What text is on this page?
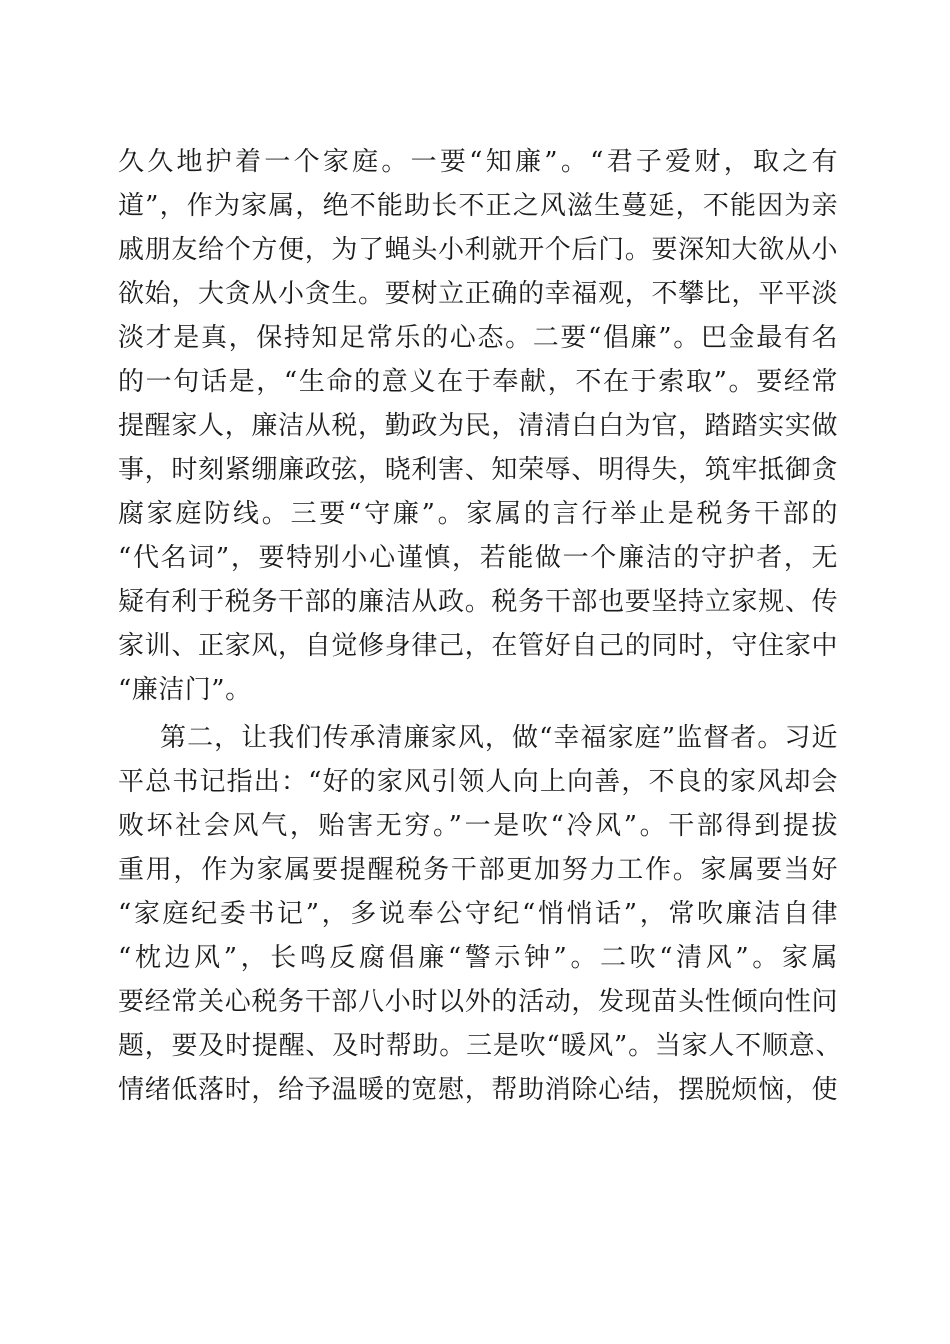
久久地护着一个家庭。一要“知廉”。“君子爱财，取之有
道”，作为家属，绝不能助长不正之风滋生蔓延，不能因为亲
戚朋友给个方便，为了蝇头小利就开个后门。要深知大欲从小
欲始，大贪从小贪生。要树立正确的幸福观，不攀比，平平淡
淡才是真，保持知足常乐的心态。二要“倡廉”。巴金最有名
的一句话是，“生命的意义在于奉献，不在于索取”。要经常
提醒家人，廉洁从税，勤政为民，清清白白为官，踏踏实实做
事，时刻紧绷廉政弦，晓利害、知荣辱、明得失，筑牢抵御贪
腐家庭防线。三要“守廉”。家属的言行举止是税务干部的
“代名词”，要特别小心谨慎，若能做一个廉洁的守护者，无
疑有利于税务干部的廉洁从政。税务干部也要坚持立家规、传
家训、正家风，自觉修身律己，在管好自己的同时，守住家中
“廉洁门”。
第二，让我们传承清廉家风，做“幸福家庭”监督者。习近
平总书记指出：“好的家风引领人向上向善，不良的家风却会
败坏社会风气，贻害无穷。”一是吹“冷风”。干部得到提拔
重用，作为家属要提醒税务干部更加努力工作。家属要当好
“家庭纪委书记”，多说奉公守纪“悄悄话”，常吹廉洁自律
“枕边风”，长鸣反腐倡廉“警示钟”。二吹“清风”。家属
要经常关心税务干部八小时以外的活动，发现苗头性倾向性问
题，要及时提醒、及时帮助。三是吹“暖风”。当家人不顺意、
情绪低落时，给予温暖的宽慰，帮助消除心结，摆脱烦恼，使
